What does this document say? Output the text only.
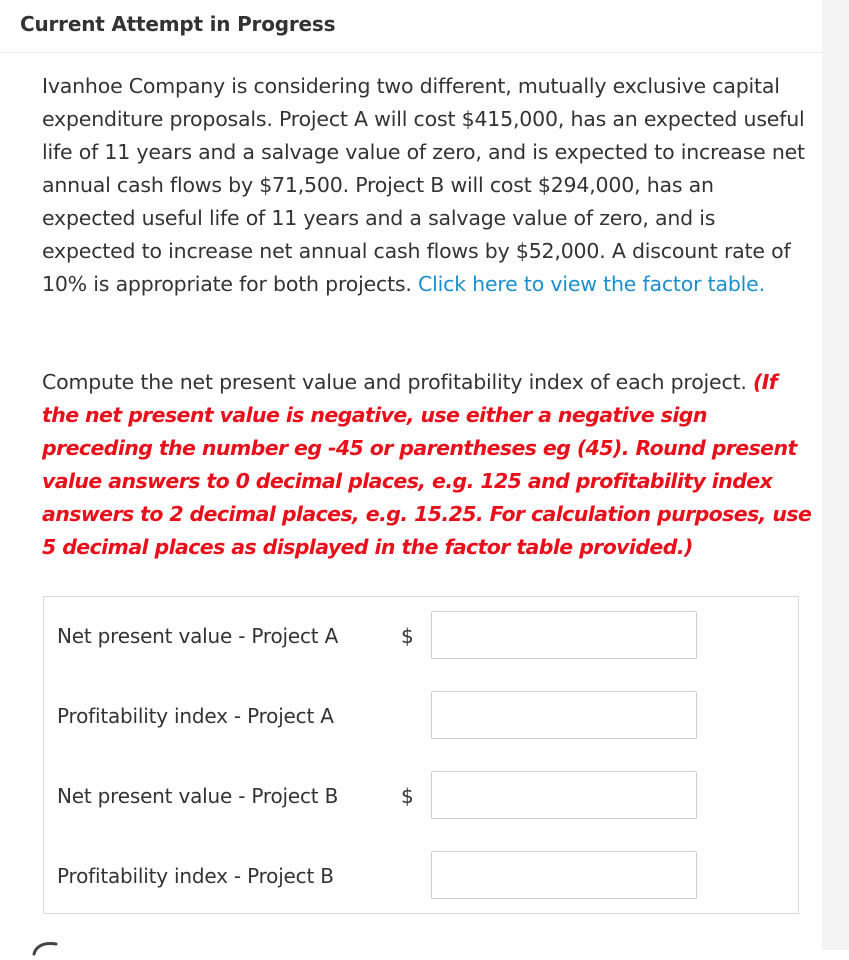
Current Attempt in Progress
Ivanhoe Company is considering two different, mutually exclusive capital expenditure proposals. Project A will cost $415,000, has an expected useful life of 11 years and a salvage value of zero, and is expected to increase net annual cash flows by $71,500. Project B will cost $294,000, has an expected useful life of 11 years and a salvage value of zero, and is expected to increase net annual cash flows by $52,000. A discount rate of 10% is appropriate for both projects. Click here to view the factor table.
Compute the net present value and profitability index of each project. (If the net present value is negative, use either a negative sign preceding the number eg -45 or parentheses eg (45). Round present value answers to 0 decimal places, e.g. 125 and profitability index answers to 2 decimal places, e.g. 15.25. For calculation purposes, use 5 decimal places as displayed in the factor table provided.)
Net present value - Project A	$
Profitability index - Project A
Net present value - Project B	$
Profitability index - Project B
